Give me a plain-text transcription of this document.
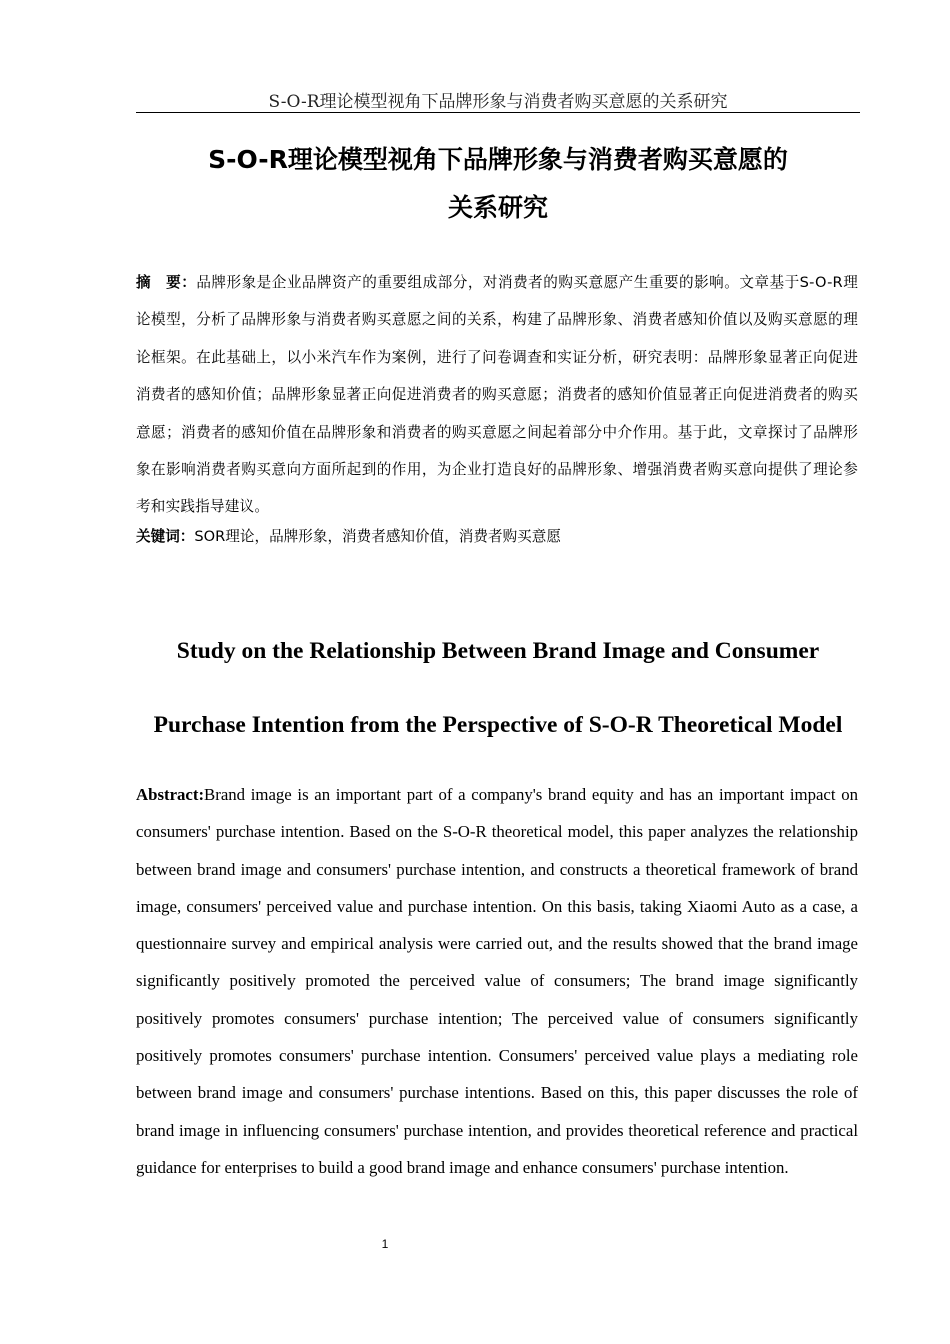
S-O-R理论模型视角下品牌形象与消费者购买意愿的关系研究
S-O-R理论模型视角下品牌形象与消费者购买意愿的
关系研究
摘　要：品牌形象是企业品牌资产的重要组成部分，对消费者的购买意愿产生重要的影响。文章基于S-O-R理论模型，分析了品牌形象与消费者购买意愿之间的关系，构建了品牌形象、消费者感知价值以及购买意愿的理论框架。在此基础上，以小米汽车作为案例，进行了问卷调查和实证分析，研究表明：品牌形象显著正向促进消费者的感知价值；品牌形象显著正向促进消费者的购买意愿；消费者的感知价值显著正向促进消费者的购买意愿；消费者的感知价值在品牌形象和消费者的购买意愿之间起着部分中介作用。基于此，文章探讨了品牌形象在影响消费者购买意向方面所起到的作用，为企业打造良好的品牌形象、增强消费者购买意向提供了理论参考和实践指导建议。
关键词：SOR理论，品牌形象，消费者感知价值，消费者购买意愿
Study on the Relationship Between Brand Image and Consumer
Purchase Intention from the Perspective of S-O-R Theoretical Model
Abstract:Brand image is an important part of a company's brand equity and has an important impact on consumers' purchase intention. Based on the S-O-R theoretical model, this paper analyzes the relationship between brand image and consumers' purchase intention, and constructs a theoretical framework of brand image, consumers' perceived value and purchase intention. On this basis, taking Xiaomi Auto as a case, a questionnaire survey and empirical analysis were carried out, and the results showed that the brand image significantly positively promoted the perceived value of consumers; The brand image significantly positively promotes consumers' purchase intention; The perceived value of consumers significantly positively promotes consumers' purchase intention. Consumers' perceived value plays a mediating role between brand image and consumers' purchase intentions. Based on this, this paper discusses the role of brand image in influencing consumers' purchase intention, and provides theoretical reference and practical guidance for enterprises to build a good brand image and enhance consumers' purchase intention.
1
